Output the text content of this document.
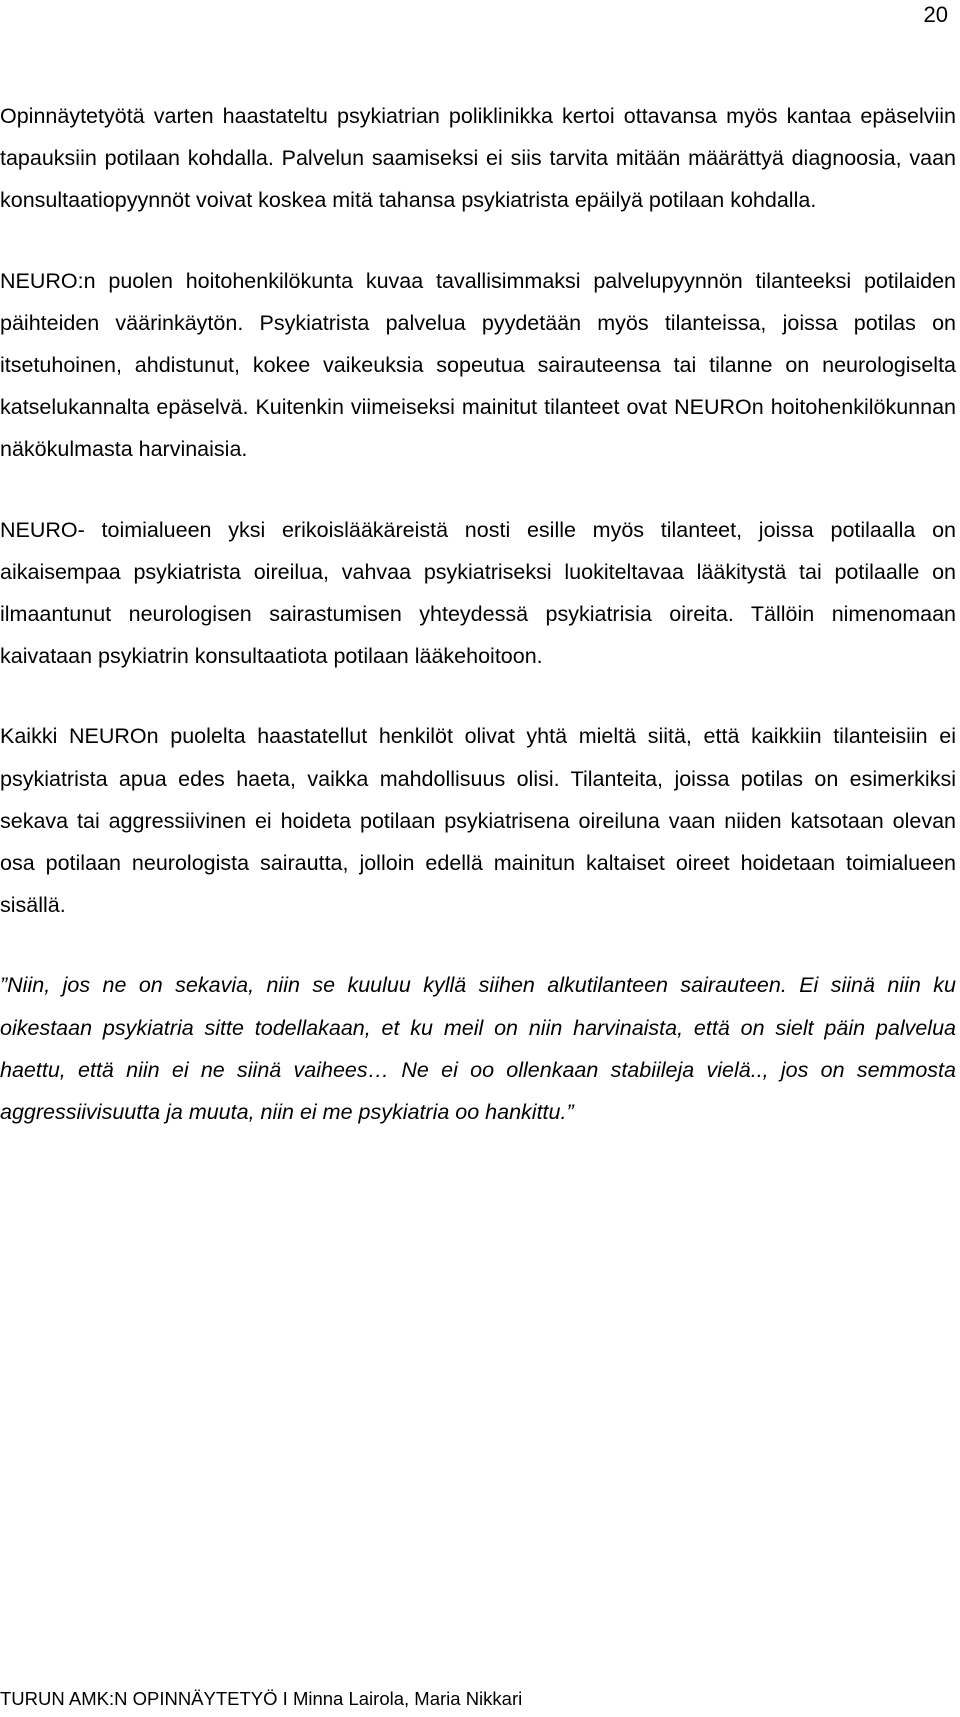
20

Opinnäytetyötä varten haastateltu psykiatrian poliklinikka kertoi ottavansa myös kantaa epäselviin tapauksiin potilaan kohdalla. Palvelun saamiseksi ei siis tarvita mitään määrättyä diagnoosia, vaan konsultaatiopyynnöt voivat koskea mitä tahansa psykiatrista epäilyä potilaan kohdalla.

NEURO:n puolen hoitohenkilökunta kuvaa tavallisimmaksi palvelupyynnön tilanteeksi potilaiden päihteiden väärinkäytön. Psykiatrista palvelua pyydetään myös tilanteissa, joissa potilas on itsetuhoinen, ahdistunut, kokee vaikeuksia sopeutua sairauteensa tai tilanne on neurologiselta katselukannalta epäselvä. Kuitenkin viimeiseksi mainitut tilanteet ovat NEUROn hoitohenkilökunnan näkökulmasta harvinaisia.

NEURO- toimialueen yksi erikoislääkäreistä nosti esille myös tilanteet, joissa potilaalla on aikaisempaa psykiatrista oireilua, vahvaa psykiatriseksi luokiteltavaa lääkitystä tai potilaalle on ilmaantunut neurologisen sairastumisen yhteydessä psykiatrisia oireita. Tällöin nimenomaan kaivataan psykiatrin konsultaatiota potilaan lääkehoitoon.

Kaikki NEUROn puolelta haastatellut henkilöt olivat yhtä mieltä siitä, että kaikkiin tilanteisiin ei psykiatrista apua edes haeta, vaikka mahdollisuus olisi. Tilanteita, joissa potilas on esimerkiksi sekava tai aggressiivinen ei hoideta potilaan psykiatrisena oireiluna vaan niiden katsotaan olevan osa potilaan neurologista sairautta, jolloin edellä mainitun kaltaiset oireet hoidetaan toimialueen sisällä.

”Niin, jos ne on sekavia, niin se kuuluu kyllä siihen alkutilanteen sairauteen. Ei siinä niin ku oikestaan psykiatria sitte todellakaan, et ku meil on niin harvinaista, että on sielt päin palvelua haettu, että niin ei ne siinä vaihees… Ne ei oo ollenkaan stabiileja vielä.., jos on semmosta aggressiivisuutta ja muuta, niin ei me psykiatria oo hankittu.”

TURUN AMK:N OPINNÄYTETYÖ I Minna Lairola, Maria Nikkari
